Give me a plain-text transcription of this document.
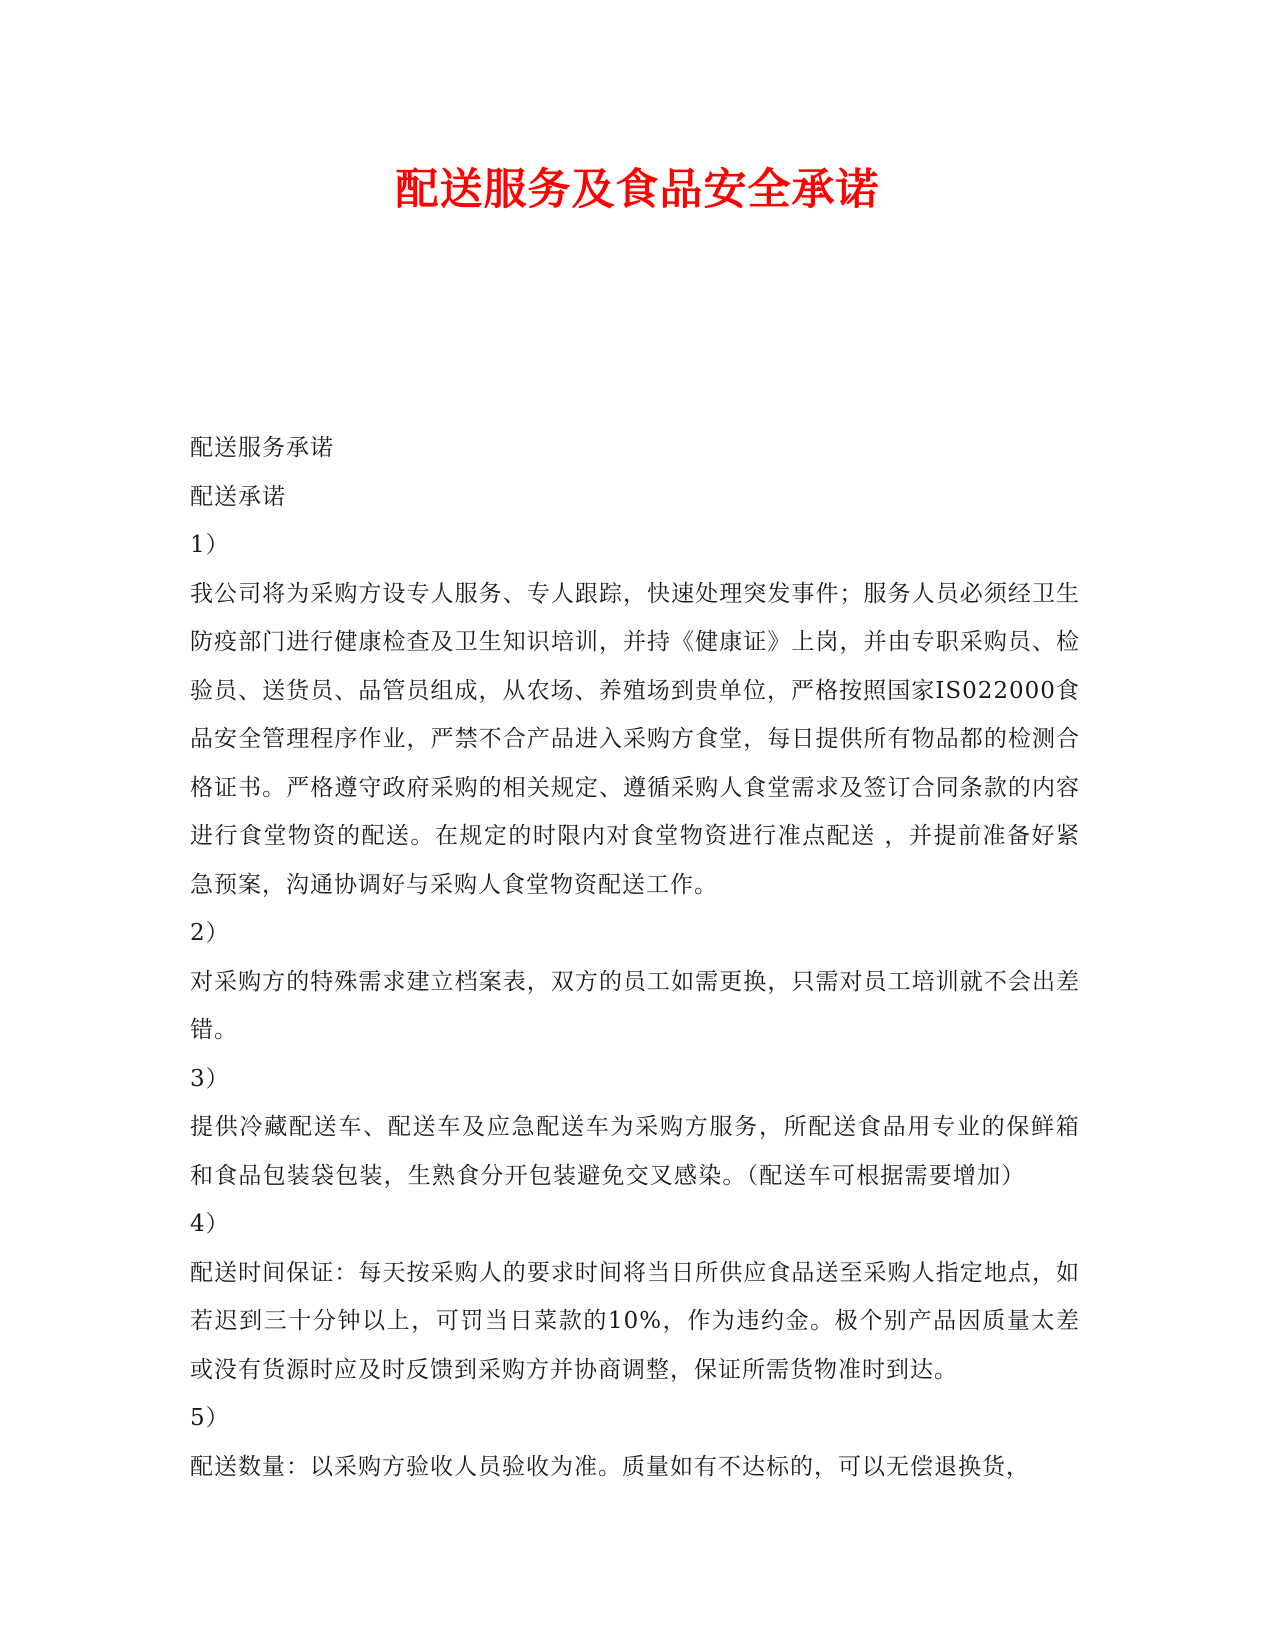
配送服务及食品安全承诺
配送服务承诺
配送承诺
1）

我公司将为采购方设专人服务、专人跟踪，快速处理突发事件；服务人员必须经卫生防疫部门进行健康检查及卫生知识培训，并持《健康证》上岗，并由专职采购员、检验员、送货员、品管员组成，从农场、养殖场到贵单位，严格按照国家IS022000食品安全管理程序作业，严禁不合产品进入采购方食堂，每日提供所有物品都的检测合格证书。严格遵守政府采购的相关规定、遵循采购人食堂需求及签订合同条款的内容进行食堂物资的配送。在规定的时限内对食堂物资进行准点配送 ，并提前准备好紧急预案，沟通协调好与采购人食堂物资配送工作。

2）

对采购方的特殊需求建立档案表，双方的员工如需更换，只需对员工培训就不会出差错。

3）

提供冷藏配送车、配送车及应急配送车为采购方服务，所配送食品用专业的保鲜箱和食品包装袋包装，生熟食分开包装避免交叉感染。（配送车可根据需要增加）

4）

配送时间保证：每天按采购人的要求时间将当日所供应食品送至采购人指定地点，如若迟到三十分钟以上，可罚当日菜款的10%，作为违约金。极个别产品因质量太差或没有货源时应及时反馈到采购方并协商调整，保证所需货物准时到达。

5）

配送数量：以采购方验收人员验收为准。质量如有不达标的，可以无偿退换货，
